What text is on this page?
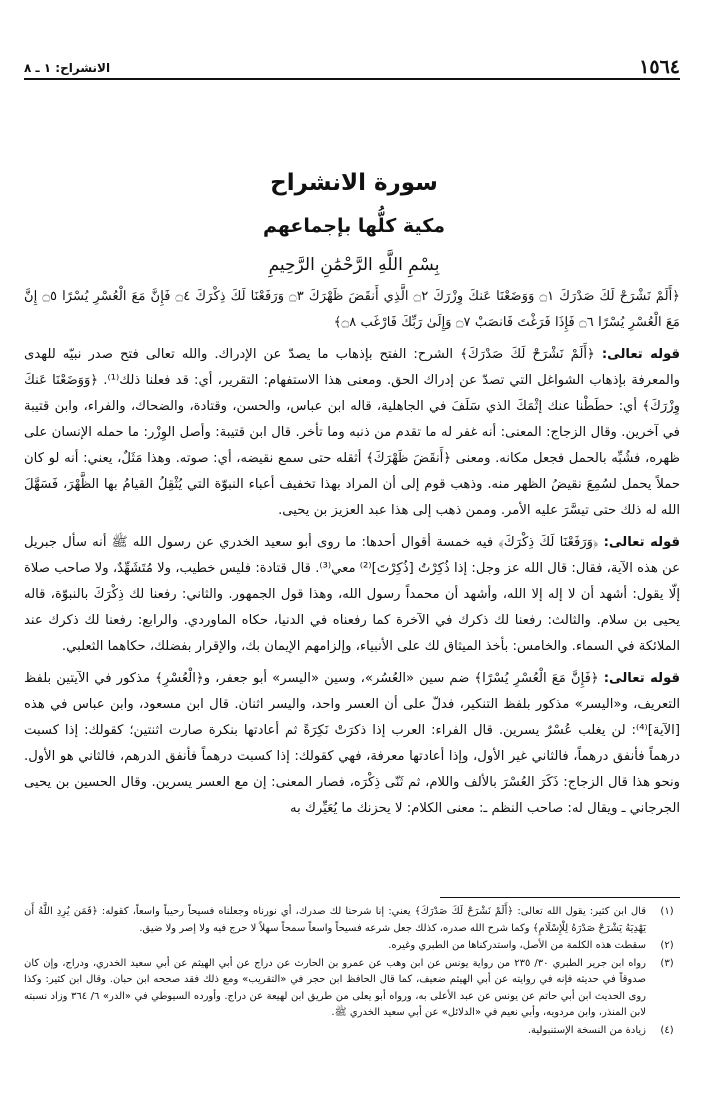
١٥٦٤
الانشراح: ١ ـ ٨
سورة الانشراح
مكية كلُّها بإجماعهم
بِسْمِ اللَّهِ الرَّحْمَٰنِ الرَّحِيمِ

﴿أَلَمْ نَشْرَحْ لَكَ صَدْرَكَ ۝١ وَوَضَعْنَا عَنكَ وِزْرَكَ ۝٢ الَّذِي أَنقَضَ ظَهْرَكَ ۝٣ وَرَفَعْنَا لَكَ ذِكْرَكَ ۝٤ فَإِنَّ مَعَ الْعُسْرِ يُسْرًا ۝٥ إِنَّ مَعَ الْعُسْرِ يُسْرًا ۝٦ فَإِذَا فَرَغْتَ فَانصَبْ ۝٧ وَإِلَىٰ رَبِّكَ فَارْغَب ۝٨﴾

قوله تعالى: ﴿أَلَمْ نَشْرَحْ لَكَ صَدْرَكَ﴾ الشرح: الفتح بإذهاب ما يصدّ عن الإدراك. والله تعالى فتح صدر نبيّه للهدى والمعرفة بإذهاب الشواغل التي تصدّ عن إدراك الحق. ومعنى هذا الاستفهام: التقرير، أي: قد فعلنا ذلك⁽¹⁾. ﴿وَوَضَعْنَا عَنكَ وِزْرَكَ﴾ أي: حطَطْنا عنك إثْمَكَ الذي سَلَفَ في الجاهلية، قاله ابن عباس، والحسن، وقتادة، والضحاك، والفراء، وابن قتيبة في آخرين. وقال الزجاج: المعنى: أنه غفر له ما تقدم من ذنبه وما تأخر. قال ابن قتيبة: وأصل الوِزْر: ما حمله الإنسان على ظهره، فشُبِّه بالحمل فجعل مكانه. ومعنى ﴿أَنقَضَ ظَهْرَكَ﴾ أثقله حتى سمع نقيضه، أي: صوته. وهذا مَثَلٌ، يعني: أنه لو كان حملاً يحمل لسُمِعَ نقيضُ الظهر منه. وذهب قوم إلى أن المراد بهذا تخفيف أعباء النبوّة التي يُثْقِلُ القيامُ بها الظَّهْرَ، فَسَهَّلَ الله له ذلك حتى تيسَّرَ عليه الأمر. وممن ذهب إلى هذا عبد العزيز بن يحيى.

قوله تعالى: ﴿وَرَفَعْنَا لَكَ ذِكْرَكَ﴾ فيه خمسة أقوال أحدها: ما روى أبو سعيد الخدري عن رسول الله ﷺ أنه سأل جبريل عن هذه الآية، فقال: قال الله عز وجل: إذا ذُكِرْتُ [ذُكِرْتَ]⁽²⁾ معي⁽³⁾. قال قتادة: فليس خطيب، ولا مُتَشَهِّدٌ، ولا صاحب صلاة إلّا يقول: أشهد أن لا إله إلا الله، وأشهد أن محمداً رسول الله، وهذا قول الجمهور. والثاني: رفعنا لك ذِكْرَكَ بالنبوّة، قاله يحيى بن سلام. والثالث: رفعنا لك ذكرك في الآخرة كما رفعناه في الدنيا، حكاه الماوردي. والرابع: رفعنا لك ذكرك عند الملائكة في السماء. والخامس: بأخذ الميثاق لك على الأنبياء، وإلزامهم الإيمان بك، والإقرار بفضلك، حكاهما الثعلبي.

قوله تعالى: ﴿فَإِنَّ مَعَ الْعُسْرِ يُسْرًا﴾ ضم سين «العُسُر»، وسين «اليسر» أبو جعفر، و﴿الْعُسْرِ﴾ مذكور في الآيتين بلفظ التعريف، و«اليسر» مذكور بلفظ التنكير، فدلّ على أن العسر واحد، واليسر اثنان. قال ابن مسعود، وابن عباس في هذه [الآية]⁽⁴⁾: لن يغلب عُسْرٌ يسرين. قال الفراء: العرب إذا ذكرَتْ نَكِرَةً ثم أعادتها بنكرة صارت اثنتين؛ كقولك: إذا كسبت درهماً فأنفق درهماً، فالثاني غير الأول، وإذا أعادتها معرفة، فهي كقولك: إذا كسبت درهماً فأنفق الدرهم، فالثاني هو الأول. ونحو هذا قال الزجاج: ذَكَرَ العُسْرَ بالألف واللام، ثم ثَنّى ذِكْرَه، فصار المعنى: إن مع العسر يسرين. وقال الحسين بن يحيى الجرجاني ـ ويقال له: صاحب النظم ـ: معنى الكلام: لا يحزنك ما يُعَيِّرك به

(١)
قال ابن كثير: يقول الله تعالى: ﴿أَلَمْ نَشْرَحْ لَكَ صَدْرَكَ﴾ يعني: إنا شرحنا لك صدرك، أي نورناه وجعلناه فسيحاً رحيباً واسعاً، كقوله: ﴿فَمَن يُرِدِ اللَّهُ أَن يَهْدِيَهُ يَشْرَحْ صَدْرَهُ لِلْإِسْلَامِ﴾ وكما شرح الله صدره، كذلك جعل شرعه فسيحاً واسعاً سمحاً سهلاً لا حرج فيه ولا إصر ولا ضيق.
(٢)
سقطت هذه الكلمة من الأصل، واستدركناها من الطبري وغيره.
(٣)
رواه ابن جرير الطبري ٣٠/ ٢٣٥ من رواية يونس عن ابن وهب عن عمرو بن الحارث عن دراج عن أبي الهيثم عن أبي سعيد الخدري، ودراج، وإن كان صدوقاً في حديثه فإنه في روايته عن أبي الهيثم ضعيف، كما قال الحافظ ابن حجر في «التقريب» ومع ذلك فقد صححه ابن حبان. وقال ابن كثير: وكذا روى الحديث ابن أبي حاتم عن يونس عن عبد الأعلى به، ورواه أبو يعلى من طريق ابن لهيعة عن دراج. وأورده السيوطي في «الدر» ٦/ ٣٦٤ وزاد نسبته لابن المنذر، وابن مردويه، وأبي نعيم في «الدلائل» عن أبي سعيد الخدري ﷺ.
(٤)
زيادة من النسخة الإستنبولية.
